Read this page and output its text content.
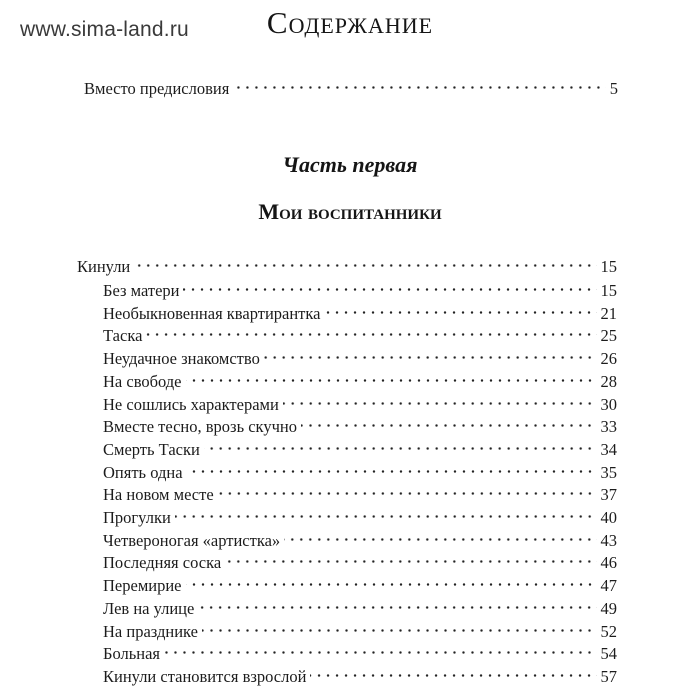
www.sima-land.ru	Содержание
Вместо предисловия	5
Часть первая
Мои воспитанники
Кинули	15
Без матери	15
Необыкновенная квартирантка	21
Таска	25
Неудачное знакомство	26
На свободе	28
Не сошлись характерами	30
Вместе тесно, врозь скучно	33
Смерть Таски	34
Опять одна	35
На новом месте	37
Прогулки	40
Четвероногая «артистка»	43
Последняя соска	46
Перемирие	47
Лев на улице	49
На празднике	52
Больная	54
Кинули становится взрослой	57
